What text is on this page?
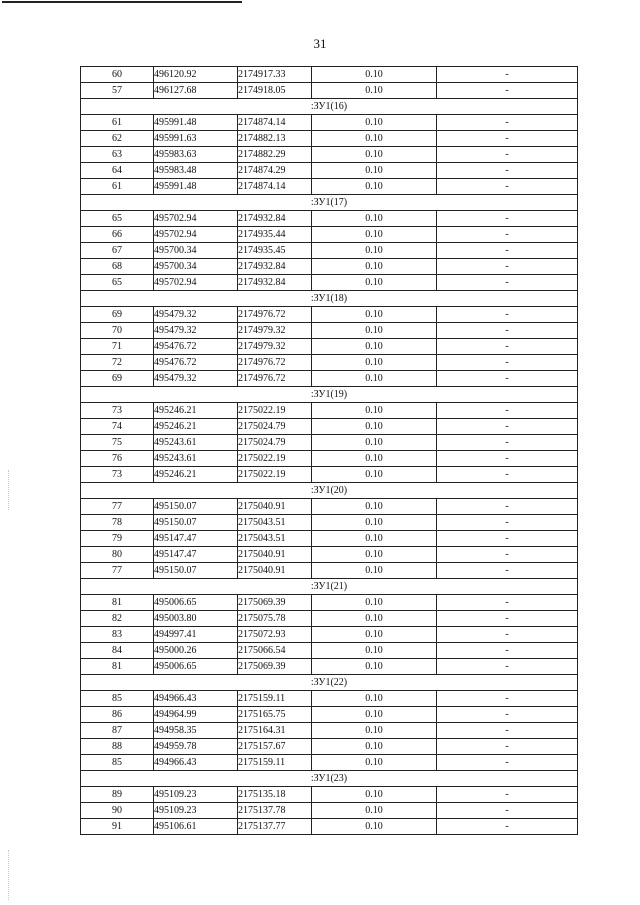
31
60	496120.92	2174917.33	0.10	-
57	496127.68	2174918.05	0.10	-
:ЗУ1(16)				
61	495991.48	2174874.14	0.10	-
62	495991.63	2174882.13	0.10	-
63	495983.63	2174882.29	0.10	-
64	495983.48	2174874.29	0.10	-
61	495991.48	2174874.14	0.10	-
:ЗУ1(17)				
65	495702.94	2174932.84	0.10	-
66	495702.94	2174935.44	0.10	-
67	495700.34	2174935.45	0.10	-
68	495700.34	2174932.84	0.10	-
65	495702.94	2174932.84	0.10	-
:ЗУ1(18)				
69	495479.32	2174976.72	0.10	-
70	495479.32	2174979.32	0.10	-
71	495476.72	2174979.32	0.10	-
72	495476.72	2174976.72	0.10	-
69	495479.32	2174976.72	0.10	-
:ЗУ1(19)				
73	495246.21	2175022.19	0.10	-
74	495246.21	2175024.79	0.10	-
75	495243.61	2175024.79	0.10	-
76	495243.61	2175022.19	0.10	-
73	495246.21	2175022.19	0.10	-
:ЗУ1(20)				
77	495150.07	2175040.91	0.10	-
78	495150.07	2175043.51	0.10	-
79	495147.47	2175043.51	0.10	-
80	495147.47	2175040.91	0.10	-
77	495150.07	2175040.91	0.10	-
:ЗУ1(21)				
81	495006.65	2175069.39	0.10	-
82	495003.80	2175075.78	0.10	-
83	494997.41	2175072.93	0.10	-
84	495000.26	2175066.54	0.10	-
81	495006.65	2175069.39	0.10	-
:ЗУ1(22)				
85	494966.43	2175159.11	0.10	-
86	494964.99	2175165.75	0.10	-
87	494958.35	2175164.31	0.10	-
88	494959.78	2175157.67	0.10	-
85	494966.43	2175159.11	0.10	-
:ЗУ1(23)				
89	495109.23	2175135.18	0.10	-
90	495109.23	2175137.78	0.10	-
91	495106.61	2175137.77	0.10	-
